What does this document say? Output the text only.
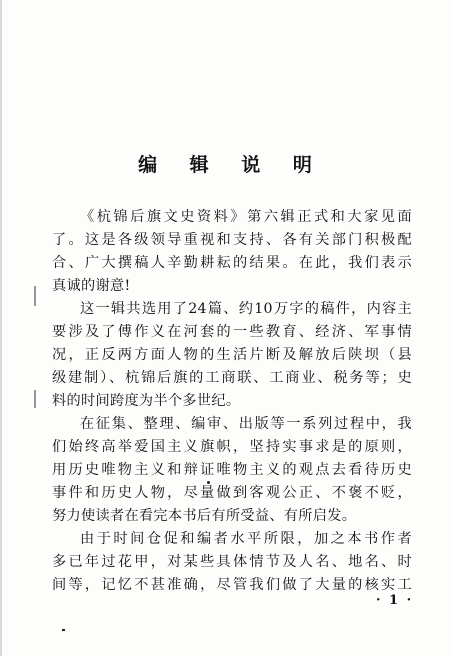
编 辑 说 明
《杭锦后旗文史资料》第六辑正式和大家见面
了。这是各级领导重视和支持、各有关部门积极配
合、广大撰稿人辛勤耕耘的结果。在此，我们表示
真诚的谢意!
这一辑共选用了24篇、约10万字的稿件，内容主
要涉及了傅作义在河套的一些教育、经济、军事情
况，正反两方面人物的生活片断及解放后陕坝（县
级建制）、杭锦后旗的工商联、工商业、税务等；史
料的时间跨度为半个多世纪。
在征集、整理、编审、出版等一系列过程中，我
们始终高举爱国主义旗帜，坚持实事求是的原则，
用历史唯物主义和辩证唯物主义的观点去看待历史
事件和历史人物，尽量做到客观公正、不褒不贬，
努力使读者在看完本书后有所受益、有所启发。
由于时间仓促和编者水平所限，加之本书作者
多已年过花甲，对某些具体情节及人名、地名、时
间等，记忆不甚准确，尽管我们做了大量的核实工
· 1 ·
